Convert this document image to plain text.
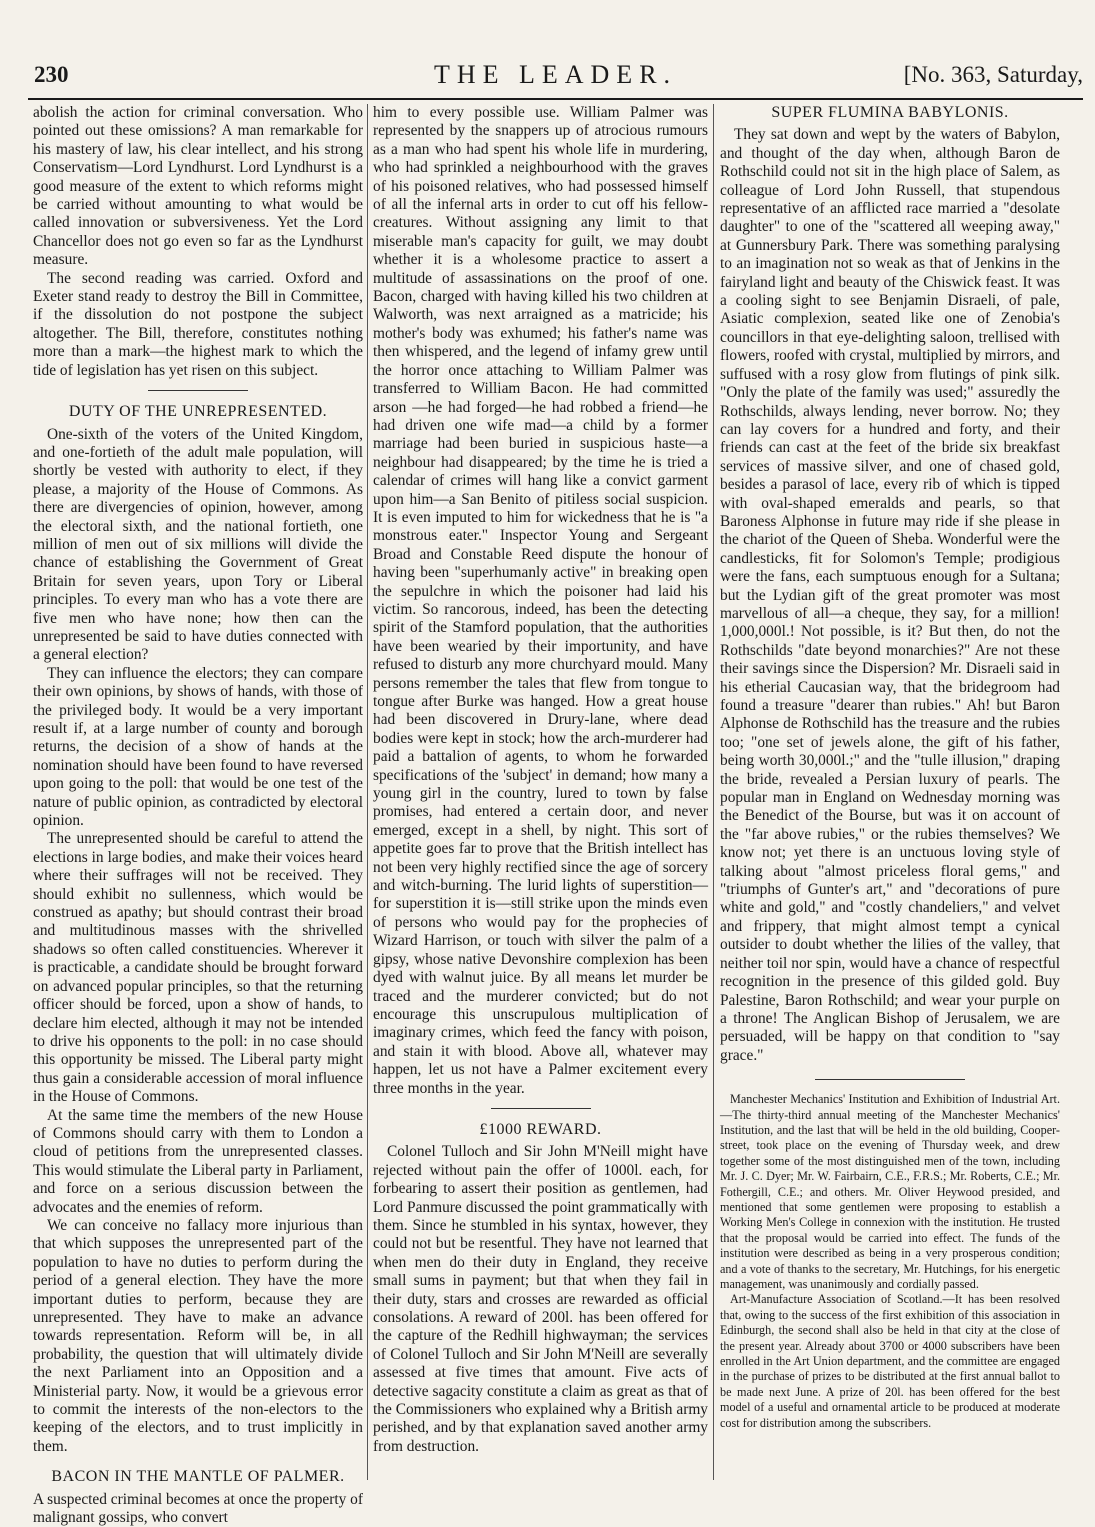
230	THE LEADER.	[No. 363, Saturday,

abolish the action for criminal conversation. Who pointed out these omissions? A man remarkable for his mastery of law, his clear intellect, and his strong Conservatism—Lord Lyndhurst. Lord Lyndhurst is a good measure of the extent to which reforms might be carried without amounting to what would be called innovation or subversiveness. Yet the Lord Chancellor does not go even so far as the Lyndhurst measure.

The second reading was carried. Oxford and Exeter stand ready to destroy the Bill in Committee, if the dissolution do not postpone the subject altogether. The Bill, therefore, constitutes nothing more than a mark—the highest mark to which the tide of legislation has yet risen on this subject.

DUTY OF THE UNREPRESENTED.

One-sixth of the voters of the United Kingdom, and one-fortieth of the adult male population, will shortly be vested with authority to elect, if they please, a majority of the House of Commons. As there are divergencies of opinion, however, among the electoral sixth, and the national fortieth, one million of men out of six millions will divide the chance of establishing the Government of Great Britain for seven years, upon Tory or Liberal principles. To every man who has a vote there are five men who have none; how then can the unrepresented be said to have duties connected with a general election?

They can influence the electors; they can compare their own opinions, by shows of hands, with those of the privileged body. It would be a very important result if, at a large number of county and borough returns, the decision of a show of hands at the nomination should have been found to have reversed upon going to the poll: that would be one test of the nature of public opinion, as contradicted by electoral opinion.

The unrepresented should be careful to attend the elections in large bodies, and make their voices heard where their suffrages will not be received. They should exhibit no sullenness, which would be construed as apathy; but should contrast their broad and multitudinous masses with the shrivelled shadows so often called constituencies. Wherever it is practicable, a candidate should be brought forward on advanced popular principles, so that the returning officer should be forced, upon a show of hands, to declare him elected, although it may not be intended to drive his opponents to the poll: in no case should this opportunity be missed. The Liberal party might thus gain a considerable accession of moral influence in the House of Commons.

At the same time the members of the new House of Commons should carry with them to London a cloud of petitions from the unrepresented classes. This would stimulate the Liberal party in Parliament, and force on a serious discussion between the advocates and the enemies of reform.

We can conceive no fallacy more injurious than that which supposes the unrepresented part of the population to have no duties to perform during the period of a general election. They have the more important duties to perform, because they are unrepresented. They have to make an advance towards representation. Reform will be, in all probability, the question that will ultimately divide the next Parliament into an Opposition and a Ministerial party. Now, it would be a grievous error to commit the interests of the non-electors to the keeping of the electors, and to trust implicitly in them.

BACON IN THE MANTLE OF PALMER.

A suspected criminal becomes at once the property of malignant gossips, who convert

him to every possible use. William Palmer was represented by the snappers up of atrocious rumours as a man who had spent his whole life in murdering, who had sprinkled a neighbourhood with the graves of his poisoned relatives, who had possessed himself of all the infernal arts in order to cut off his fellow-creatures. Without assigning any limit to that miserable man's capacity for guilt, we may doubt whether it is a wholesome practice to assert a multitude of assassinations on the proof of one. Bacon, charged with having killed his two children at Walworth, was next arraigned as a matricide; his mother's body was exhumed; his father's name was then whispered, and the legend of infamy grew until the horror once attaching to William Palmer was transferred to William Bacon. He had committed arson —he had forged—he had robbed a friend—he had driven one wife mad—a child by a former marriage had been buried in suspicious haste—a neighbour had disappeared; by the time he is tried a calendar of crimes will hang like a convict garment upon him—a San Benito of pitiless social suspicion. It is even imputed to him for wickedness that he is "a monstrous eater." Inspector Young and Sergeant Broad and Constable Reed dispute the honour of having been "superhumanly active" in breaking open the sepulchre in which the poisoner had laid his victim. So rancorous, indeed, has been the detecting spirit of the Stamford population, that the authorities have been wearied by their importunity, and have refused to disturb any more churchyard mould. Many persons remember the tales that flew from tongue to tongue after Burke was hanged. How a great house had been discovered in Drury-lane, where dead bodies were kept in stock; how the arch-murderer had paid a battalion of agents, to whom he forwarded specifications of the 'subject' in demand; how many a young girl in the country, lured to town by false promises, had entered a certain door, and never emerged, except in a shell, by night. This sort of appetite goes far to prove that the British intellect has not been very highly rectified since the age of sorcery and witch-burning. The lurid lights of superstition—for superstition it is—still strike upon the minds even of persons who would pay for the prophecies of Wizard Harrison, or touch with silver the palm of a gipsy, whose native Devonshire complexion has been dyed with walnut juice. By all means let murder be traced and the murderer convicted; but do not encourage this unscrupulous multiplication of imaginary crimes, which feed the fancy with poison, and stain it with blood. Above all, whatever may happen, let us not have a Palmer excitement every three months in the year.

£1000 REWARD.

Colonel Tulloch and Sir John M'Neill might have rejected without pain the offer of 1000l. each, for forbearing to assert their position as gentlemen, had Lord Panmure discussed the point grammatically with them. Since he stumbled in his syntax, however, they could not but be resentful. They have not learned that when men do their duty in England, they receive small sums in payment; but that when they fail in their duty, stars and crosses are rewarded as official consolations. A reward of 200l. has been offered for the capture of the Redhill highwayman; the services of Colonel Tulloch and Sir John M'Neill are severally assessed at five times that amount. Five acts of detective sagacity constitute a claim as great as that of the Commissioners who explained why a British army perished, and by that explanation saved another army from destruction.

SUPER FLUMINA BABYLONIS.

They sat down and wept by the waters of Babylon, and thought of the day when, although Baron de Rothschild could not sit in the high place of Salem, as colleague of Lord John Russell, that stupendous representative of an afflicted race married a "desolate daughter" to one of the "scattered all weeping away," at Gunnersbury Park. There was something paralysing to an imagination not so weak as that of Jenkins in the fairyland light and beauty of the Chiswick feast. It was a cooling sight to see Benjamin Disraeli, of pale, Asiatic complexion, seated like one of Zenobia's councillors in that eye-delighting saloon, trellised with flowers, roofed with crystal, multiplied by mirrors, and suffused with a rosy glow from flutings of pink silk. "Only the plate of the family was used;" assuredly the Rothschilds, always lending, never borrow. No; they can lay covers for a hundred and forty, and their friends can cast at the feet of the bride six breakfast services of massive silver, and one of chased gold, besides a parasol of lace, every rib of which is tipped with oval-shaped emeralds and pearls, so that Baroness Alphonse in future may ride if she please in the chariot of the Queen of Sheba. Wonderful were the candlesticks, fit for Solomon's Temple; prodigious were the fans, each sumptuous enough for a Sultana; but the Lydian gift of the great promoter was most marvellous of all—a cheque, they say, for a million! 1,000,000l.! Not possible, is it? But then, do not the Rothschilds "date beyond monarchies?" Are not these their savings since the Dispersion? Mr. Disraeli said in his etherial Caucasian way, that the bridegroom had found a treasure "dearer than rubies." Ah! but Baron Alphonse de Rothschild has the treasure and the rubies too; "one set of jewels alone, the gift of his father, being worth 30,000l.;" and the "tulle illusion," draping the bride, revealed a Persian luxury of pearls. The popular man in England on Wednesday morning was the Benedict of the Bourse, but was it on account of the "far above rubies," or the rubies themselves? We know not; yet there is an unctuous loving style of talking about "almost priceless floral gems," and "triumphs of Gunter's art," and "decorations of pure white and gold," and "costly chandeliers," and velvet and frippery, that might almost tempt a cynical outsider to doubt whether the lilies of the valley, that neither toil nor spin, would have a chance of respectful recognition in the presence of this gilded gold. Buy Palestine, Baron Rothschild; and wear your purple on a throne! The Anglican Bishop of Jerusalem, we are persuaded, will be happy on that condition to "say grace."

Manchester Mechanics' Institution and Exhibition of Industrial Art.—The thirty-third annual meeting of the Manchester Mechanics' Institution, and the last that will be held in the old building, Cooper-street, took place on the evening of Thursday week, and drew together some of the most distinguished men of the town, including Mr. J. C. Dyer; Mr. W. Fairbairn, C.E., F.R.S.; Mr. Roberts, C.E.; Mr. Fothergill, C.E.; and others. Mr. Oliver Heywood presided, and mentioned that some gentlemen were proposing to establish a Working Men's College in connexion with the institution. He trusted that the proposal would be carried into effect. The funds of the institution were described as being in a very prosperous condition; and a vote of thanks to the secretary, Mr. Hutchings, for his energetic management, was unanimously and cordially passed.

Art-Manufacture Association of Scotland.—It has been resolved that, owing to the success of the first exhibition of this association in Edinburgh, the second shall also be held in that city at the close of the present year. Already about 3700 or 4000 subscribers have been enrolled in the Art Union department, and the committee are engaged in the purchase of prizes to be distributed at the first annual ballot to be made next June. A prize of 20l. has been offered for the best model of a useful and ornamental article to be produced at moderate cost for distribution among the subscribers.
